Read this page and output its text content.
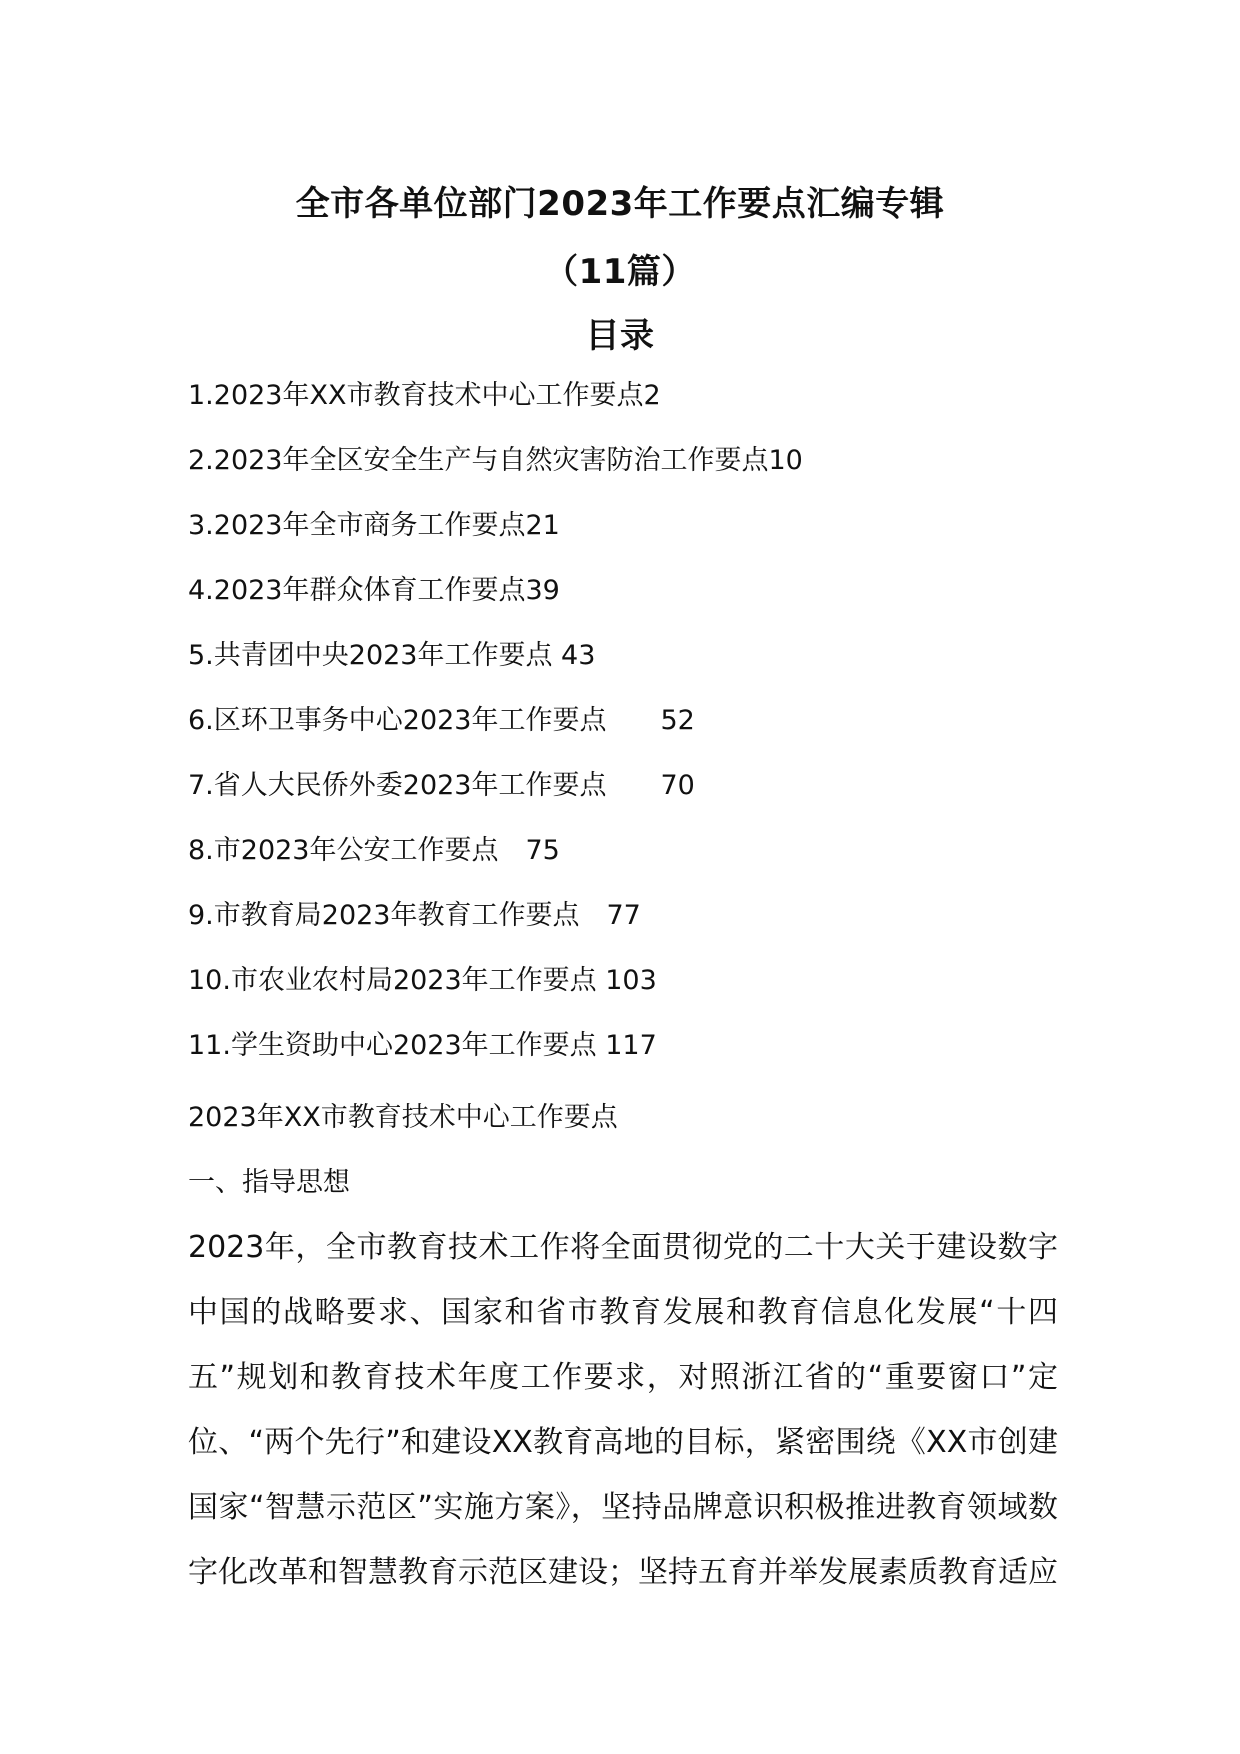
全市各单位部门2023年工作要点汇编专辑
（11篇）
目录
1.2023年XX市教育技术中心工作要点2
2.2023年全区安全生产与自然灾害防治工作要点10
3.2023年全市商务工作要点21
4.2023年群众体育工作要点39
5.共青团中央2023年工作要点 43
6.区环卫事务中心2023年工作要点　　52
7.省人大民侨外委2023年工作要点　　70
8.市2023年公安工作要点　75
9.市教育局2023年教育工作要点　77
10.市农业农村局2023年工作要点 103
11.学生资助中心2023年工作要点 117
2023年XX市教育技术中心工作要点
一、指导思想
2023年，全市教育技术工作将全面贯彻党的二十大关于建设数字中国的战略要求、国家和省市教育发展和教育信息化发展“十四五”规划和教育技术年度工作要求，对照浙江省的“重要窗口”定位、“两个先行”和建设XX教育高地的目标，紧密围绕《XX市创建国家“智慧示范区”实施方案》，坚持品牌意识积极推进教育领域数字化改革和智慧教育示范区建设；坚持五育并举发展素质教育适应
